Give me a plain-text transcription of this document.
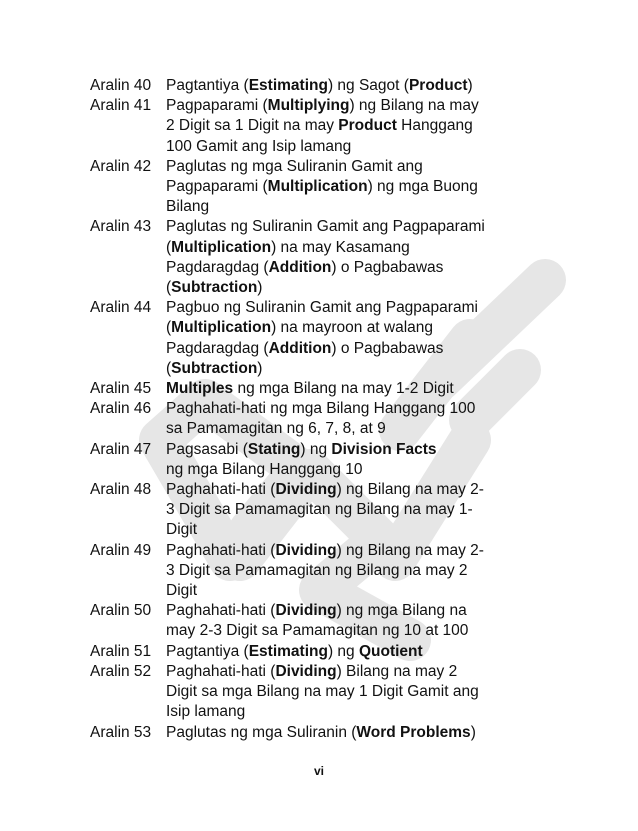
Aralin 40 Pagtantiya (Estimating) ng Sagot (Product)
Aralin 41 Pagpaparami (Multiplying) ng Bilang na may
2 Digit sa 1 Digit na may Product Hanggang
100 Gamit ang Isip lamang
Aralin 42 Paglutas ng mga Suliranin Gamit ang
Pagpaparami (Multiplication) ng mga Buong
Bilang
Aralin 43 Paglutas ng Suliranin Gamit ang Pagpaparami
(Multiplication) na may Kasamang
Pagdaragdag (Addition) o Pagbabawas
(Subtraction)
Aralin 44 Pagbuo ng Suliranin Gamit ang Pagpaparami
(Multiplication) na mayroon at walang
Pagdaragdag (Addition) o Pagbabawas
(Subtraction)
Aralin 45 Multiples ng mga Bilang na may 1-2 Digit
Aralin 46 Paghahati-hati ng mga Bilang Hanggang 100
sa Pamamagitan ng 6, 7, 8, at 9
Aralin 47 Pagsasabi (Stating) ng Division Facts
ng mga Bilang Hanggang 10
Aralin 48 Paghahati-hati (Dividing) ng Bilang na may 2-
3 Digit sa Pamamagitan ng Bilang na may 1-
Digit
Aralin 49 Paghahati-hati (Dividing) ng Bilang na may 2-
3 Digit sa Pamamagitan ng Bilang na may 2
Digit
Aralin 50 Paghahati-hati (Dividing) ng mga Bilang na
may 2-3 Digit sa Pamamagitan ng 10 at 100
Aralin 51 Pagtantiya (Estimating) ng Quotient
Aralin 52 Paghahati-hati (Dividing) Bilang na may 2
Digit sa mga Bilang na may 1 Digit Gamit ang
Isip lamang
Aralin 53 Paglutas ng mga Suliranin (Word Problems)
vi
